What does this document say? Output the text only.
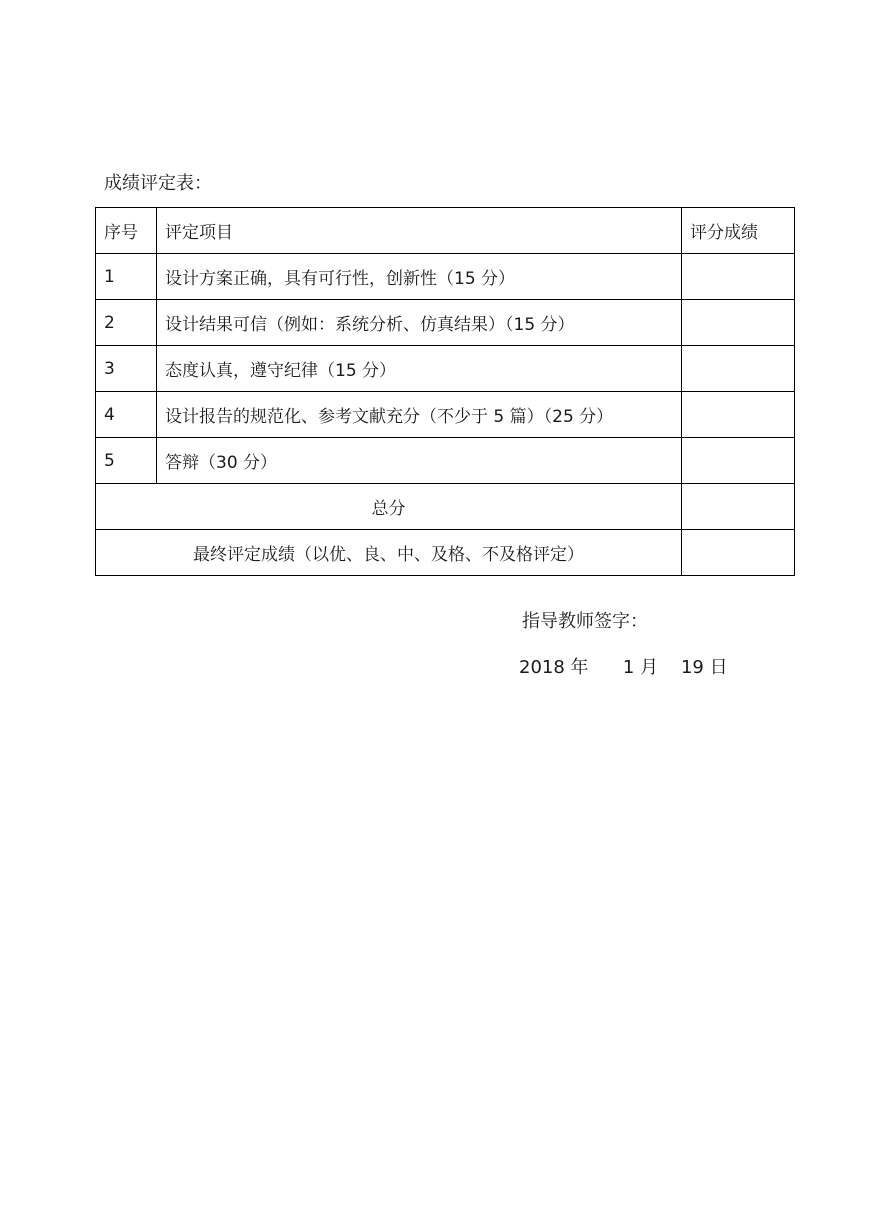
成绩评定表：
序号	评定项目	评分成绩
1	设计方案正确，具有可行性，创新性（15 分）	
2	设计结果可信（例如：系统分析、仿真结果）（15 分）	
3	态度认真，遵守纪律（15 分）	
4	设计报告的规范化、参考文献充分（不少于 5 篇）（25 分）	
5	答辩（30 分）	
总分		
最终评定成绩（以优、良、中、及格、不及格评定）		
指导教师签字：
2018 年 1 月 19 日
